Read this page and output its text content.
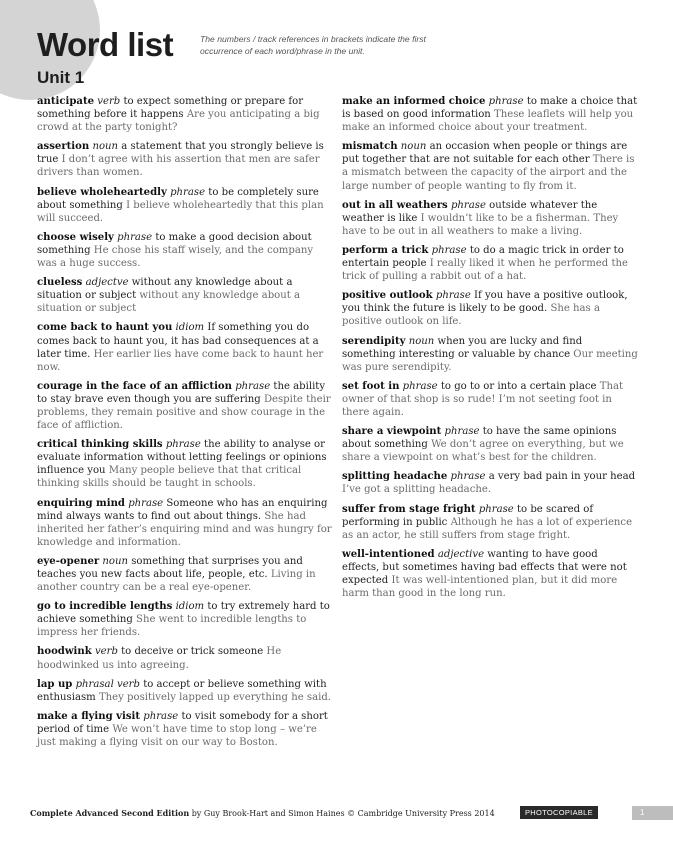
Word list
Unit 1
The numbers / track references in brackets indicate the first occurrence of each word/phrase in the unit.

anticipate verb to expect something or prepare for something before it happens Are you anticipating a big crowd at the party tonight?

assertion noun a statement that you strongly believe is true I don’t agree with his assertion that men are safer drivers than women.

believe wholeheartedly phrase to be completely sure about something I believe wholeheartedly that this plan will succeed.

choose wisely phrase to make a good decision about something He chose his staff wisely, and the company was a huge success.

clueless adjectve without any knowledge about a situation or subject without any knowledge about a situation or subject

come back to haunt you idiom If something you do comes back to haunt you, it has bad consequences at a later time. Her earlier lies have come back to haunt her now.

courage in the face of an affliction phrase the ability to stay brave even though you are suffering Despite their problems, they remain positive and show courage in the face of affliction.

critical thinking skills phrase the ability to analyse or evaluate information without letting feelings or opinions influence you Many people believe that that critical thinking skills should be taught in schools.

enquiring mind phrase Someone who has an enquiring mind always wants to find out about things. She had inherited her father’s enquiring mind and was hungry for knowledge and information.

eye-opener noun something that surprises you and teaches you new facts about life, people, etc. Living in another country can be a real eye-opener.

go to incredible lengths idiom to try extremely hard to achieve something She went to incredible lengths to impress her friends.

hoodwink verb to deceive or trick someone He hoodwinked us into agreeing.

lap up phrasal verb to accept or believe something with enthusiasm They positively lapped up everything he said.

make a flying visit phrase to visit somebody for a short period of time We won’t have time to stop long – we’re just making a flying visit on our way to Boston.

make an informed choice phrase to make a choice that is based on good information These leaflets will help you make an informed choice about your treatment.

mismatch noun an occasion when people or things are put together that are not suitable for each other There is a mismatch between the capacity of the airport and the large number of people wanting to fly from it.

out in all weathers phrase outside whatever the weather is like I wouldn’t like to be a fisherman. They have to be out in all weathers to make a living.

perform a trick phrase to do a magic trick in order to entertain people I really liked it when he performed the trick of pulling a rabbit out of a hat.

positive outlook phrase If you have a positive outlook, you think the future is likely to be good. She has a positive outlook on life.

serendipity noun when you are lucky and find something interesting or valuable by chance Our meeting was pure serendipity.

set foot in phrase to go to or into a certain place That owner of that shop is so rude! I’m not seeting foot in there again.

share a viewpoint phrase to have the same opinions about something We don’t agree on everything, but we share a viewpoint on what’s best for the children.

splitting headache phrase a very bad pain in your head I’ve got a splitting headache.

suffer from stage fright phrase to be scared of performing in public Although he has a lot of experience as an actor, he still suffers from stage fright.

well-intentioned adjective wanting to have good effects, but sometimes having bad effects that were not expected It was well-intentioned plan, but it did more harm than good in the long run.

Complete Advanced Second Edition by Guy Brook-Hart and Simon Haines © Cambridge University Press 2014	PHOTOCOPIABLE	1
